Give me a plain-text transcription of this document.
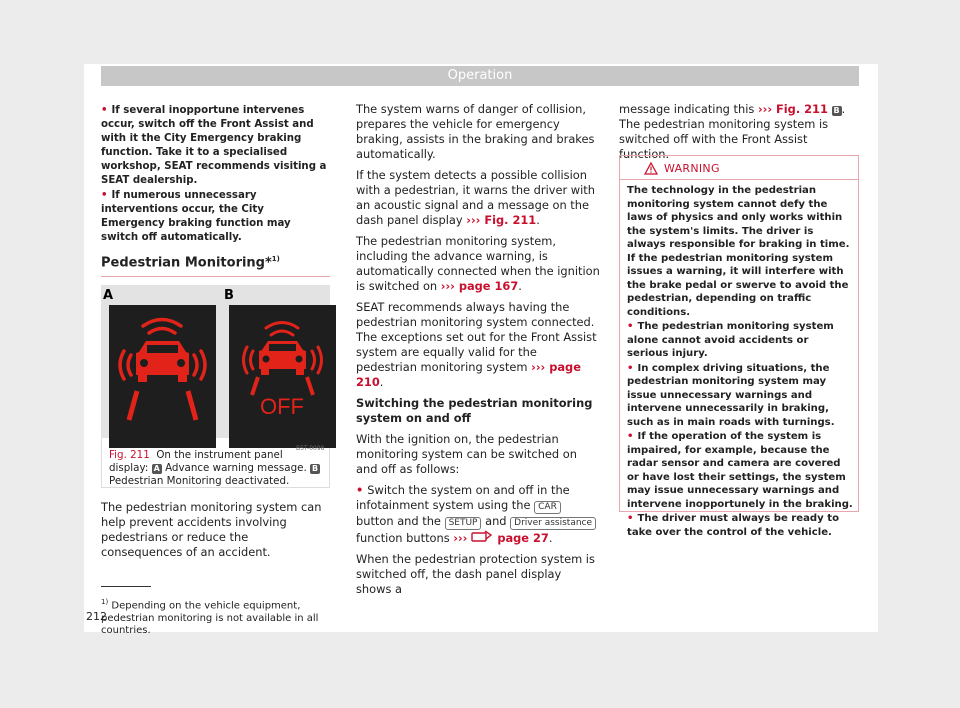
Operation
• If several inopportune intervenes occur, switch off the Front Assist and with it the City Emergency braking function. Take it to a specialised workshop, SEAT recommends visiting a SEAT dealership.
• If numerous unnecessary interventions occur, the City Emergency braking function may switch off automatically.
Pedestrian Monitoring*$^{1)}$
A	B
OFF
B5T-0098
Fig. 211 On the instrument panel display: A Advance warning message. B Pedestrian Monitoring deactivated.
The pedestrian monitoring system can help prevent accidents involving pedestrians or reduce the consequences of an accident.

The system warns of danger of collision, prepares the vehicle for emergency braking, assists in the braking and brakes automatically.

If the system detects a possible collision with a pedestrian, it warns the driver with an acoustic signal and a message on the dash panel display ››› Fig. 211.

The pedestrian monitoring system, including the advance warning, is automatically connected when the ignition is switched on ››› page 167.

SEAT recommends always having the pedestrian monitoring system connected. The exceptions set out for the Front Assist system are equally valid for the pedestrian monitoring system ››› page 210.

Switching the pedestrian monitoring system on and off

With the ignition on, the pedestrian monitoring system can be switched on and off as follows:

• Switch the system on and off in the infotainment system using the CAR button and the SETUP and Driver assistance function buttons ›››  page 27.

When the pedestrian protection system is switched off, the dash panel display shows a

message indicating this ››› Fig. 211 B . The pedestrian monitoring system is switched off with the Front Assist function.

WARNING
The technology in the pedestrian monitoring system cannot defy the laws of physics and only works within the system's limits. The driver is always responsible for braking in time. If the pedestrian monitoring system issues a warning, it will interfere with the brake pedal or swerve to avoid the pedestrian, depending on traffic conditions.
• The pedestrian monitoring system alone cannot avoid accidents or serious injury.
• In complex driving situations, the pedestrian monitoring system may issue unnecessary warnings and intervene unnecessarily in braking, such as in main roads with turnings.
• If the operation of the system is impaired, for example, because the radar sensor and camera are covered or have lost their settings, the system may issue unnecessary warnings and intervene inopportunely in the braking.
• The driver must always be ready to take over the control of the vehicle.
$^{1)}$ Depending on the vehicle equipment, pedestrian monitoring is not available in all countries.
212
